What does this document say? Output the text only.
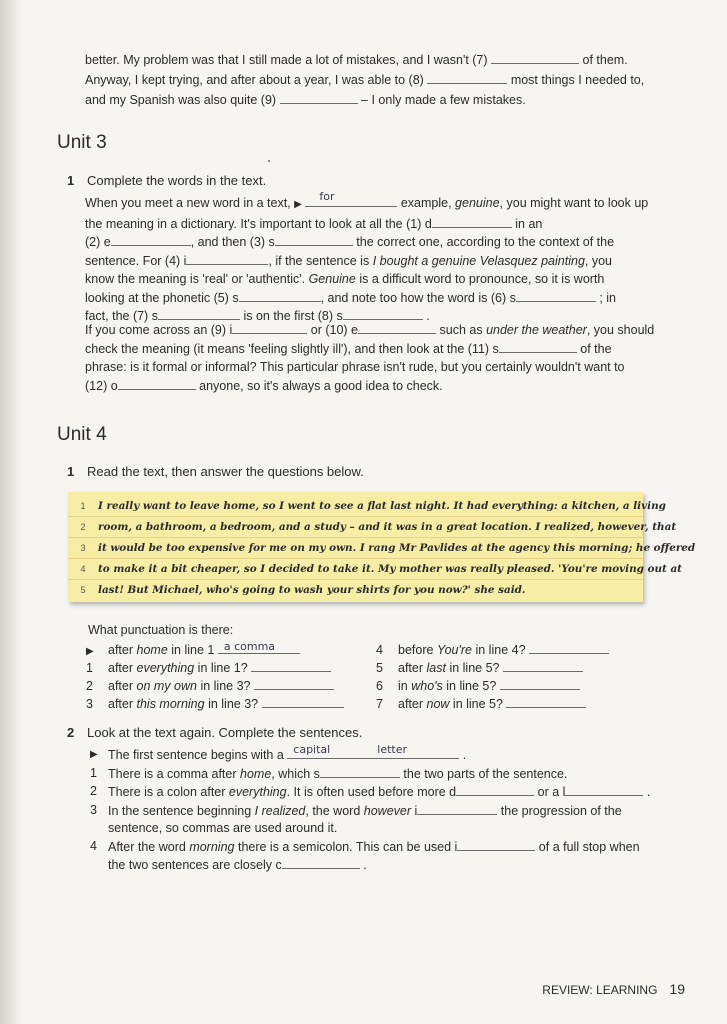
better. My problem was that I still made a lot of mistakes, and I wasn't (7)	of them.
Anyway, I kept trying, and after about a year, I was able to (8)	most things I needed to,
and my Spanish was also quite (9)	– I only made a few mistakes.
Unit 3
1 Complete the words in the text.

When you meet a new word in a text, ▶
for	example, genuine, you might want to look up
the meaning in a dictionary. It's important to look at all the (1) d	in an
(2) e	, and then (3) s	the correct one, according to the context of the
sentence. For (4) i	, if the sentence is I bought a genuine Velasquez painting, you
know the meaning is 'real' or 'authentic'. Genuine is a difficult word to pronounce, so it is worth
looking at the phonetic (5) s	, and note too how the word is (6) s	; in
fact, the (7) s	is on the first (8) s	.

If you come across an (9) i	or (10) e	such as under the weather, you should
check the meaning (it means 'feeling slightly ill'), and then look at the (11) s	of the
phrase: is it formal or informal? This particular phrase isn't rude, but you certainly wouldn't want to
(12) o	anyone, so it's always a good idea to check.

Unit 4
1 Read the text, then answer the questions below.
1 I really want to leave home, so I went to see a flat last night. It had everything: a kitchen, a living
2 room, a bathroom, a bedroom, and a study – and it was in a great location. I realized, however, that
3 it would be too expensive for me on my own. I rang Mr Pavlides at the agency this morning; he offered
4 to make it a bit cheaper, so I decided to take it. My mother was really pleased. 'You're moving out at
5 last! But Michael, who's going to wash your shirts for you now?' she said.
What punctuation is there:
▶ after home in line 1 a comma
1 after everything in line 1?
2 after on my own in line 3?
3 after this morning in line 3?
4 before You're in line 4?
5 after last in line 5?
6 in who's in line 5?
7 after now in line 5?
2 Look at the text again. Complete the sentences.
▶ The first sentence begins with a capital	letter	.
1 There is a comma after home, which s	the two parts of the sentence.
2 There is a colon after everything. It is often used before more d	or a l	.
3 In the sentence beginning I realized, the word however i	the progression of the
sentence, so commas are used around it.
4 After the word morning there is a semicolon. This can be used i	of a full stop when
the two sentences are closely c	.
REVIEW: LEARNING 19
